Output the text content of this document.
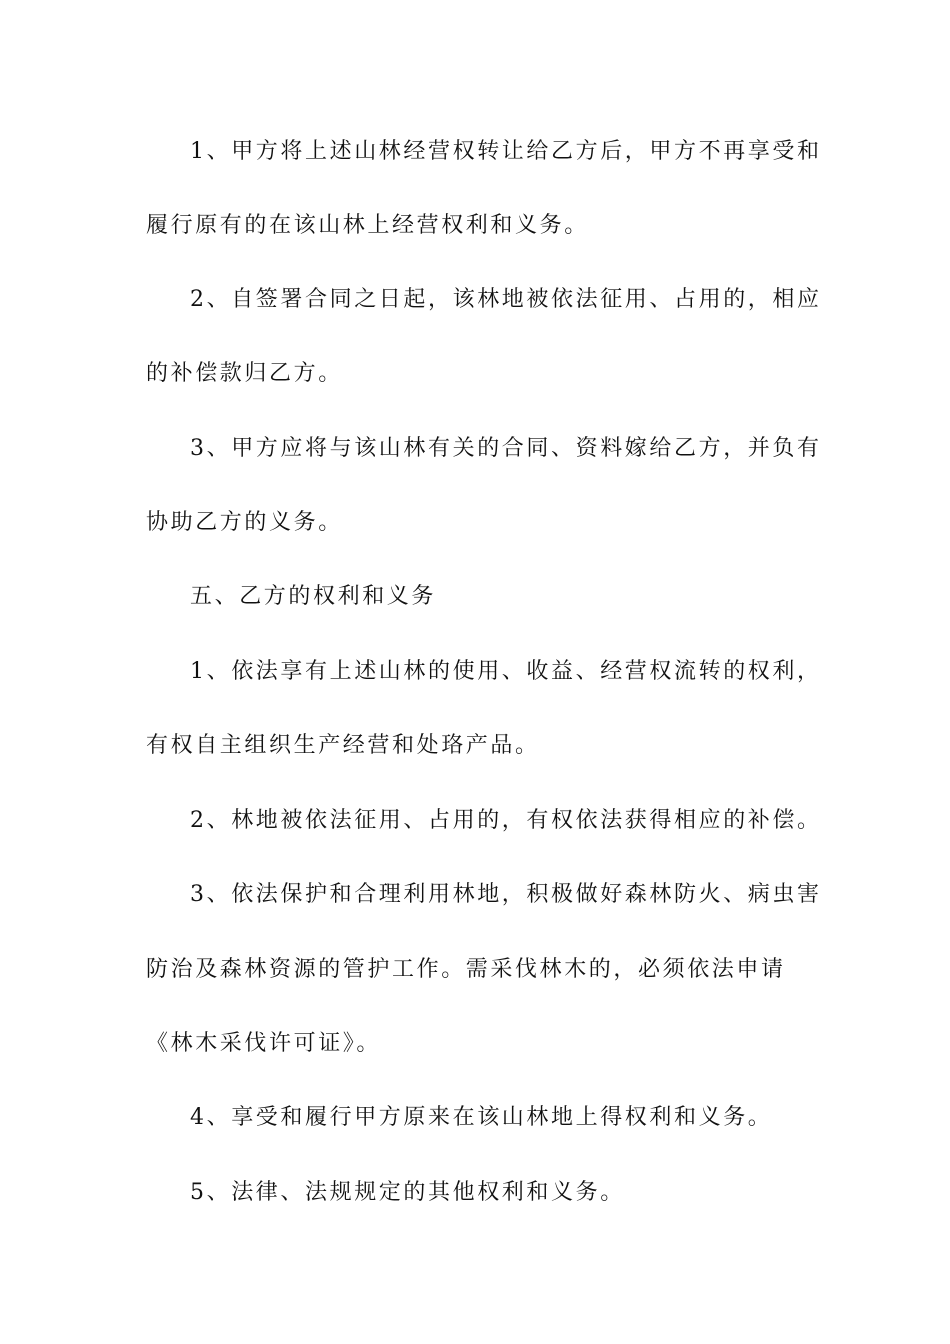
1、甲方将上述山林经营权转让给乙方后，甲方不再享受和
履行原有的在该山林上经营权利和义务。
2、自签署合同之日起，该林地被依法征用、占用的，相应
的补偿款归乙方。
3、甲方应将与该山林有关的合同、资料嫁给乙方，并负有
协助乙方的义务。
五、乙方的权利和义务
1、依法享有上述山林的使用、收益、经营权流转的权利，
有权自主组织生产经营和处珞产品。
2、林地被依法征用、占用的，有权依法获得相应的补偿。
3、依法保护和合理利用林地，积极做好森林防火、病虫害
防治及森林资源的管护工作。需采伐林木的，必须依法申请
《林木采伐许可证》。
4、享受和履行甲方原来在该山林地上得权利和义务。
5、法律、法规规定的其他权利和义务。
